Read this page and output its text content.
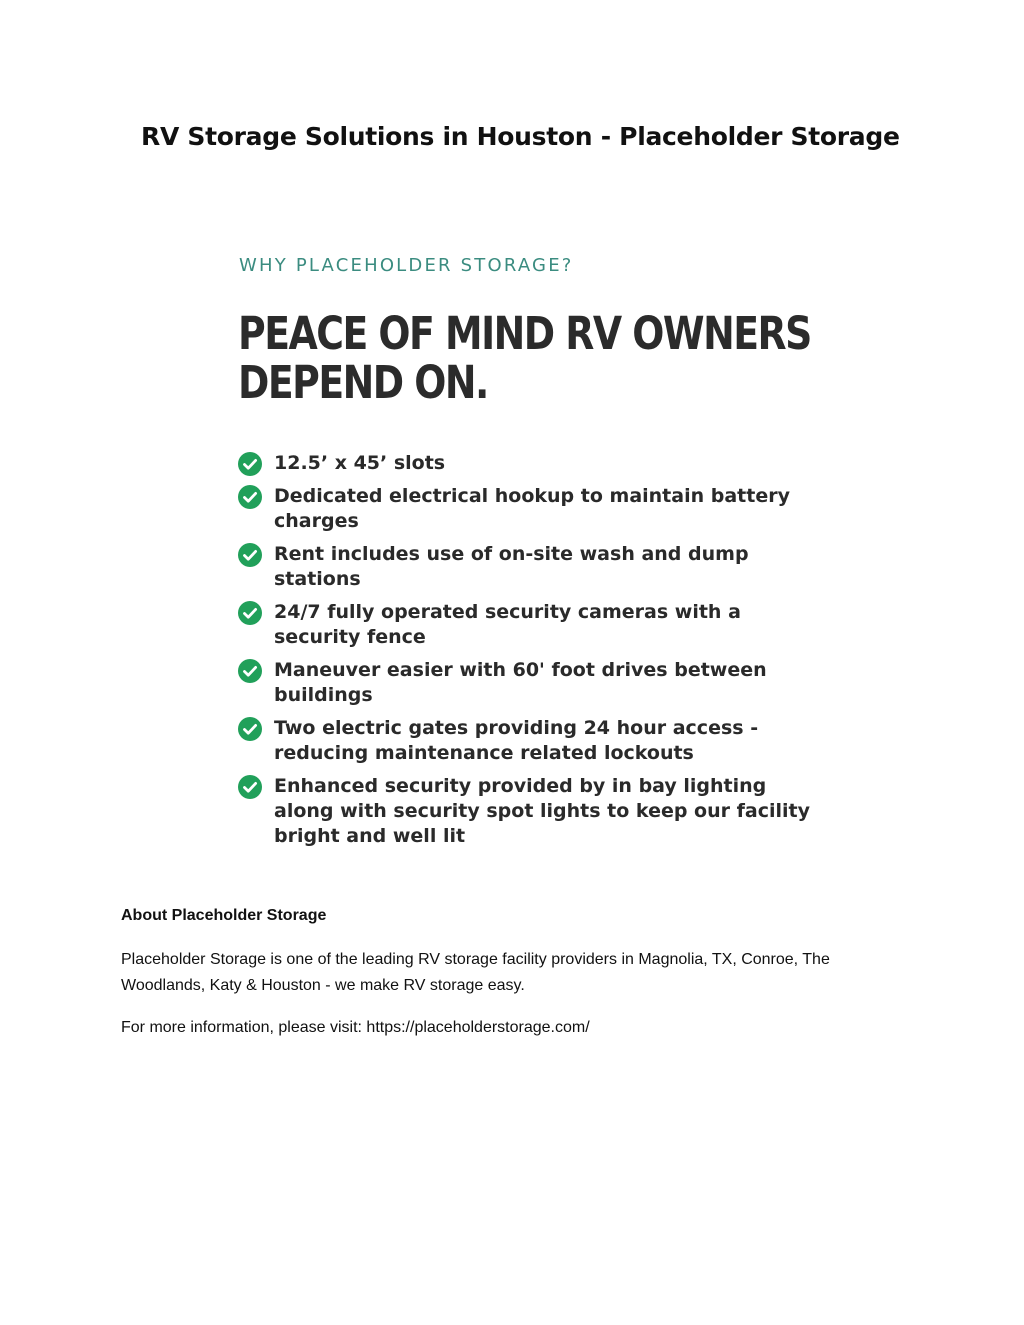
RV Storage Solutions in Houston - Placeholder Storage
WHY PLACEHOLDER STORAGE?
PEACE OF MIND RV OWNERS
DEPEND ON.
12.5’ x 45’ slots
Dedicated electrical hookup to maintain battery charges
Rent includes use of on-site wash and dump stations
24/7 fully operated security cameras with a security fence
Maneuver easier with 60' foot drives between buildings
Two electric gates providing 24 hour access - reducing maintenance related lockouts
Enhanced security provided by in bay lighting along with security spot lights to keep our facility bright and well lit

About Placeholder Storage

Placeholder Storage is one of the leading RV storage facility providers in Magnolia, TX, Conroe, The Woodlands, Katy & Houston - we make RV storage easy.

For more information, please visit: https://placeholderstorage.com/
